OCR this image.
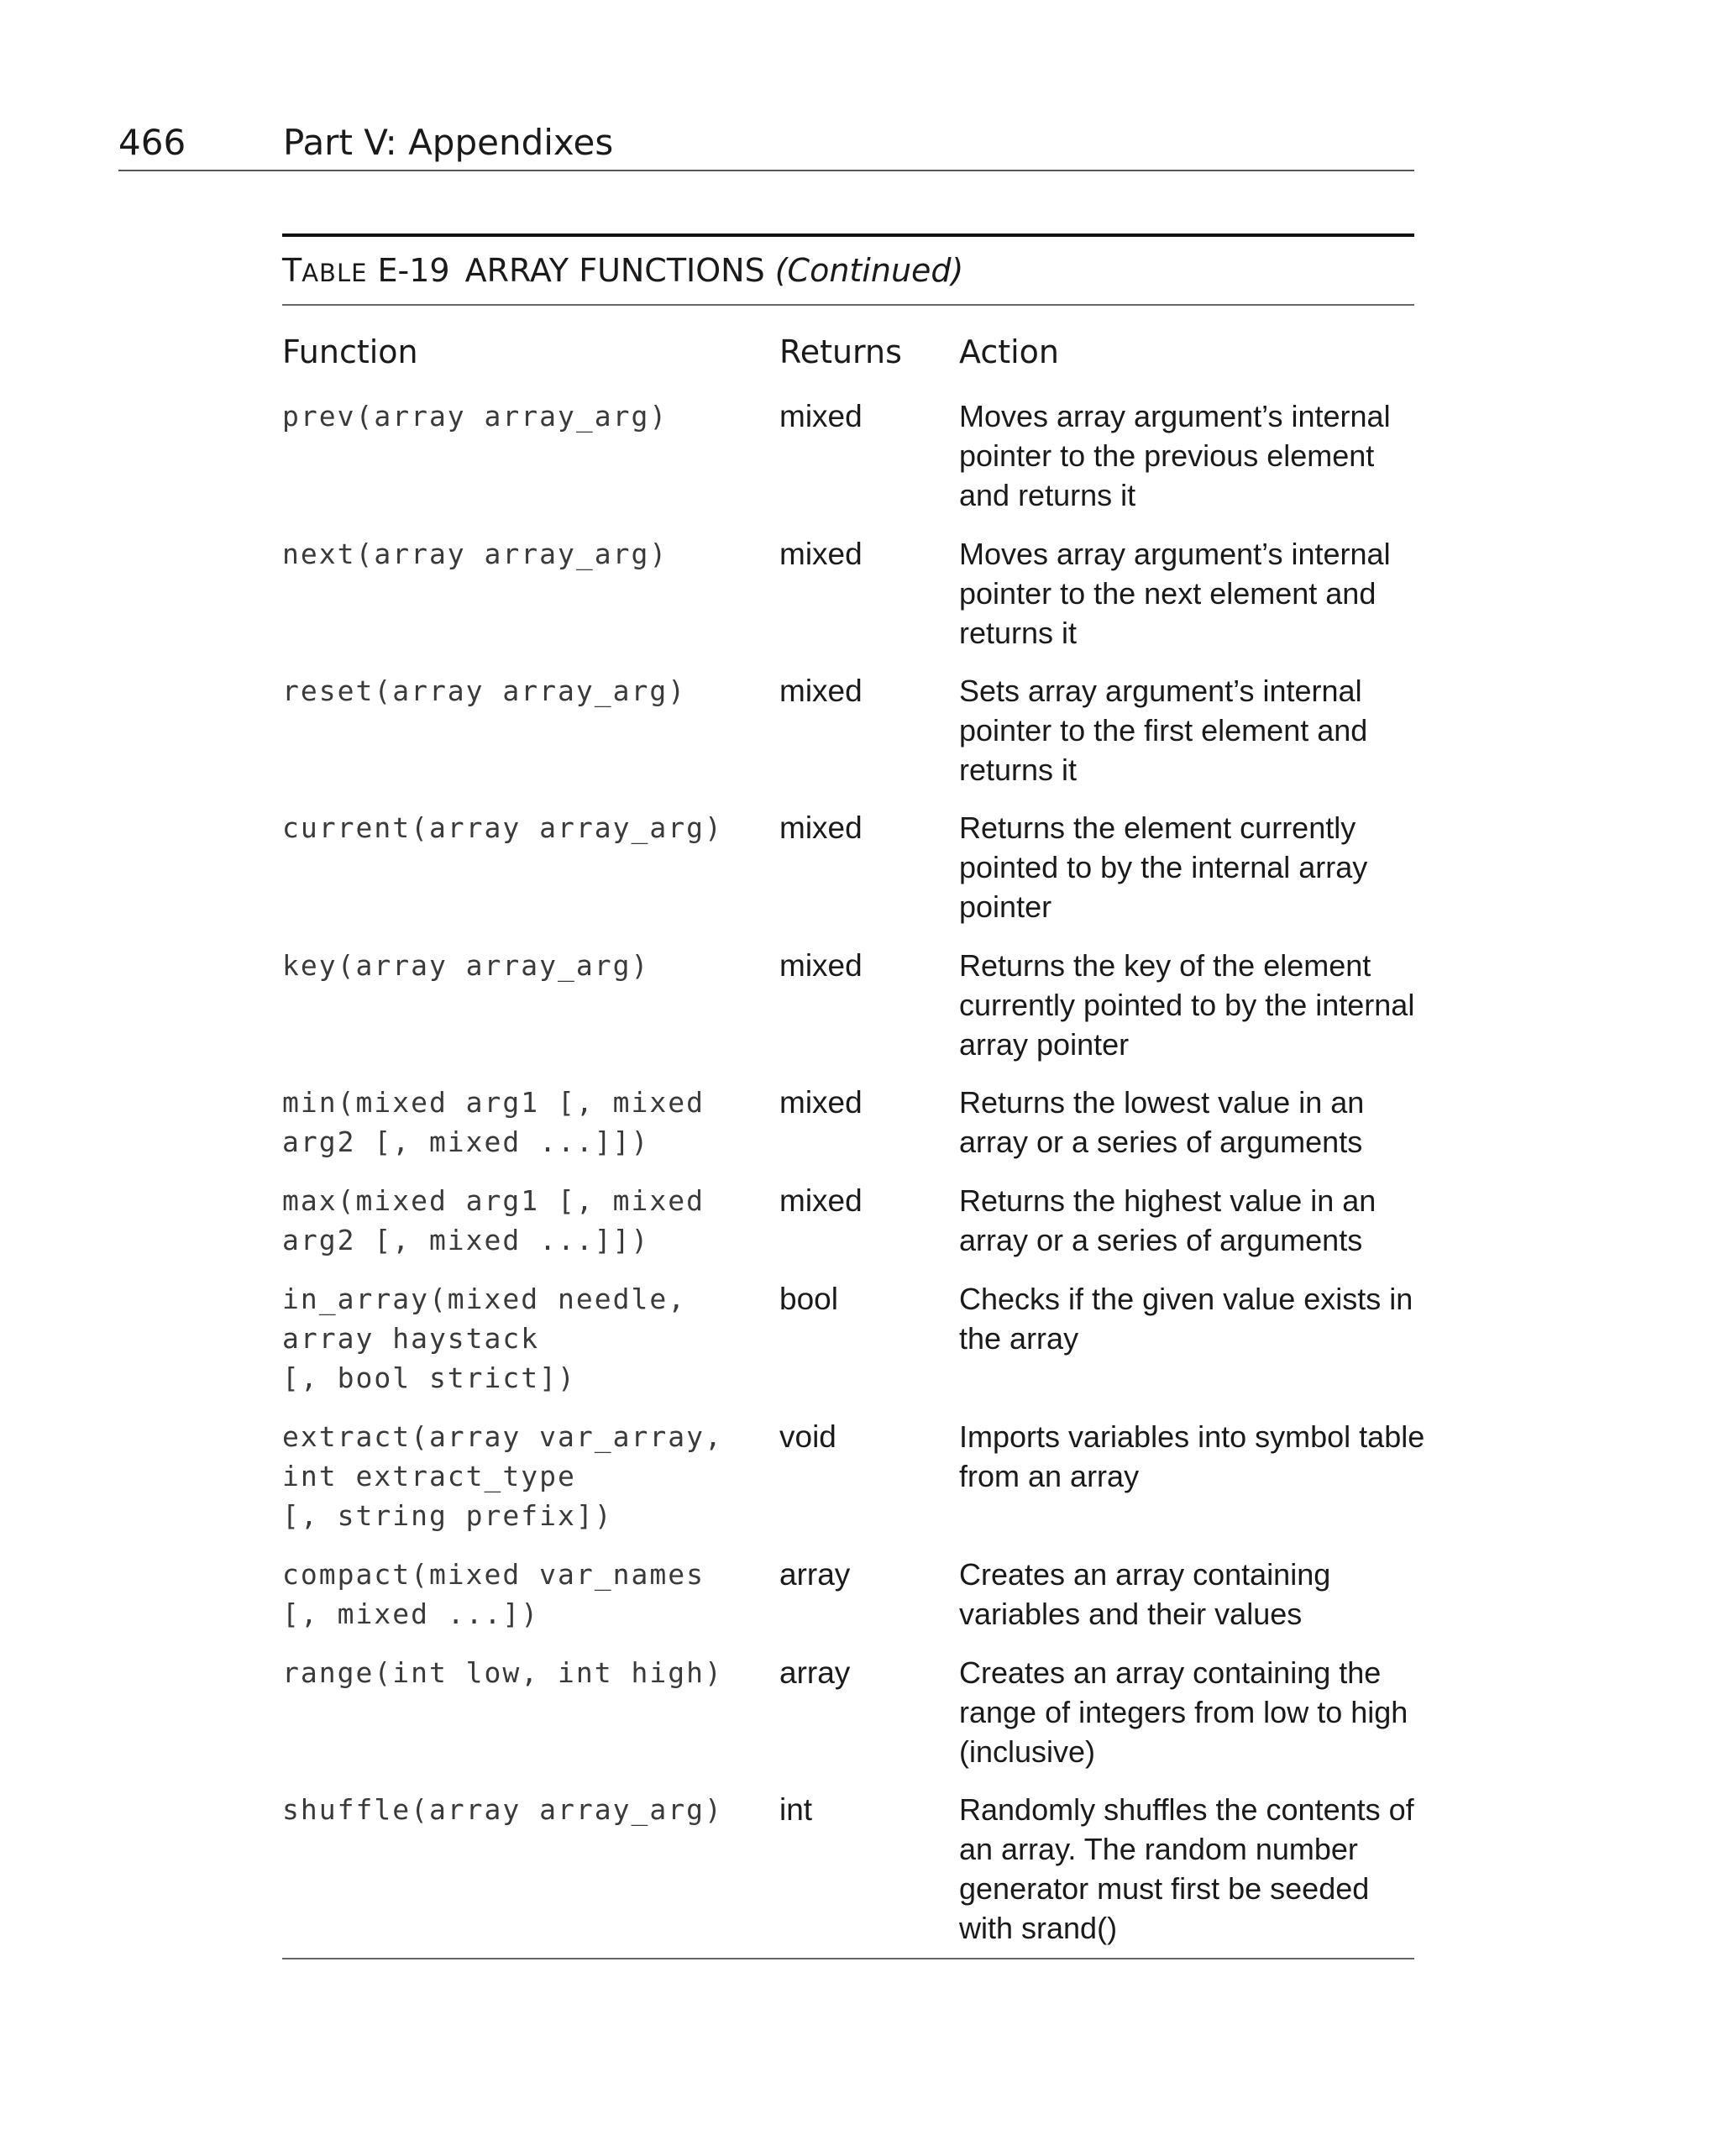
466	Part V: Appendixes
TABLE E-19 ARRAY FUNCTIONS (Continued)
Function	Returns Action
prev(array array_arg)	mixed	Moves array argument’s internal pointer to the previous element and returns it
next(array array_arg)	mixed	Moves array argument’s internal pointer to the next element and returns it
reset(array array_arg)	mixed	Sets array argument’s internal pointer to the first element and returns it
current(array array_arg)	mixed	Returns the element currently pointed to by the internal array pointer
key(array array_arg)	mixed	Returns the key of the element currently pointed to by the internal array pointer
min(mixed arg1 [, mixed
arg2 [, mixed ...]])
mixed	Returns the lowest value in an array or a series of arguments
max(mixed arg1 [, mixed
arg2 [, mixed ...]])
mixed	Returns the highest value in an array or a series of arguments
in_array(mixed needle,
array haystack
[, bool strict])
bool	Checks if the given value exists in the array
extract(array var_array,
int extract_type
[, string prefix])
void	Imports variables into symbol table from an array
compact(mixed var_names
[, mixed ...])
array	Creates an array containing variables and their values
range(int low, int high)	array	Creates an array containing the range of integers from low to high (inclusive)
shuffle(array array_arg)	int	Randomly shuffles the contents of an array. The random number generator must first be seeded with srand()
